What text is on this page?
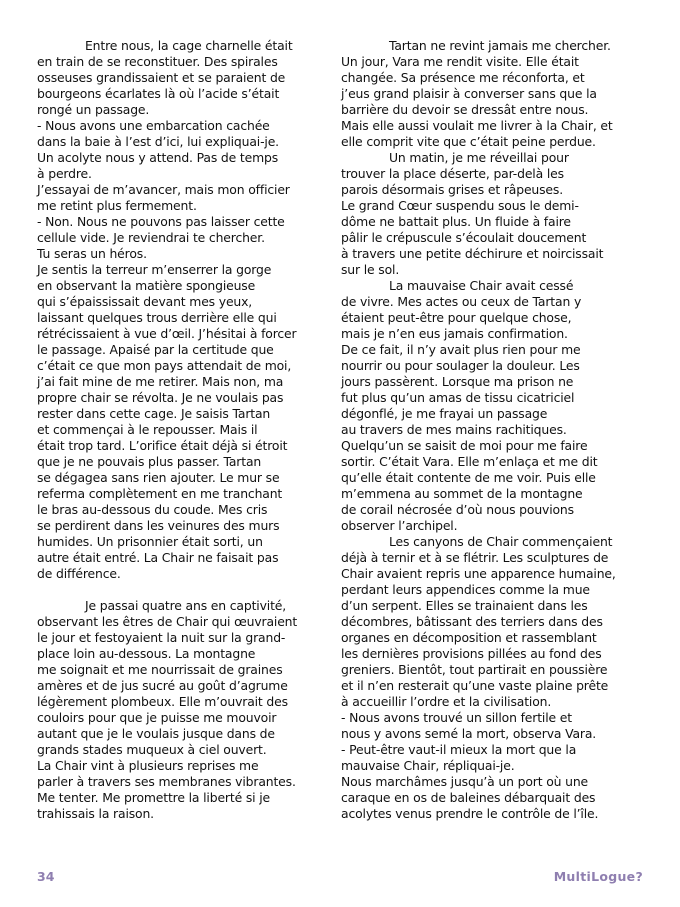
Entre nous, la cage charnelle était
en train de se reconstituer. Des spirales
osseuses grandissaient et se paraient de
bourgeons écarlates là où l’acide s’était
rongé un passage.
- Nous avons une embarcation cachée
dans la baie à l’est d’ici, lui expliquai-je.
Un acolyte nous y attend. Pas de temps
à perdre.
J’essayai de m’avancer, mais mon officier
me retint plus fermement.
- Non. Nous ne pouvons pas laisser cette
cellule vide. Je reviendrai te chercher.
Tu seras un héros.
Je sentis la terreur m’enserrer la gorge
en observant la matière spongieuse
qui s’épaississait devant mes yeux,
laissant quelques trous derrière elle qui
rétrécissaient à vue d’œil. J’hésitai à forcer
le passage. Apaisé par la certitude que
c’était ce que mon pays attendait de moi,
j’ai fait mine de me retirer. Mais non, ma
propre chair se révolta. Je ne voulais pas
rester dans cette cage. Je saisis Tartan
et commençai à le repousser. Mais il
était trop tard. L’orifice était déjà si étroit
que je ne pouvais plus passer. Tartan
se dégagea sans rien ajouter. Le mur se
referma complètement en me tranchant
le bras au-dessous du coude. Mes cris
se perdirent dans les veinures des murs
humides. Un prisonnier était sorti, un
autre était entré. La Chair ne faisait pas
de différence.
Je passai quatre ans en captivité,
observant les êtres de Chair qui œuvraient
le jour et festoyaient la nuit sur la grand-
place loin au-dessous. La montagne
me soignait et me nourrissait de graines
amères et de jus sucré au goût d’agrume
légèrement plombeux. Elle m’ouvrait des
couloirs pour que je puisse me mouvoir
autant que je le voulais jusque dans de
grands stades muqueux à ciel ouvert.
La Chair vint à plusieurs reprises me
parler à travers ses membranes vibrantes.
Me tenter. Me promettre la liberté si je
trahissais la raison.
Tartan ne revint jamais me chercher.
Un jour, Vara me rendit visite. Elle était
changée. Sa présence me réconforta, et
j’eus grand plaisir à converser sans que la
barrière du devoir se dressât entre nous.
Mais elle aussi voulait me livrer à la Chair, et
elle comprit vite que c’était peine perdue.
Un matin, je me réveillai pour
trouver la place déserte, par-delà les
parois désormais grises et râpeuses.
Le grand Cœur suspendu sous le demi-
dôme ne battait plus. Un fluide à faire
pâlir le crépuscule s’écoulait doucement
à travers une petite déchirure et noircissait
sur le sol.
La mauvaise Chair avait cessé
de vivre. Mes actes ou ceux de Tartan y
étaient peut-être pour quelque chose,
mais je n’en eus jamais confirmation.
De ce fait, il n’y avait plus rien pour me
nourrir ou pour soulager la douleur. Les
jours passèrent. Lorsque ma prison ne
fut plus qu’un amas de tissu cicatriciel
dégonflé, je me frayai un passage
au travers de mes mains rachitiques.
Quelqu’un se saisit de moi pour me faire
sortir. C’était Vara. Elle m’enlaça et me dit
qu’elle était contente de me voir. Puis elle
m’emmena au sommet de la montagne
de corail nécrosée d’où nous pouvions
observer l’archipel.
Les canyons de Chair commençaient
déjà à ternir et à se flétrir. Les sculptures de
Chair avaient repris une apparence humaine,
perdant leurs appendices comme la mue
d’un serpent. Elles se trainaient dans les
décombres, bâtissant des terriers dans des
organes en décomposition et rassemblant
les dernières provisions pillées au fond des
greniers. Bientôt, tout partirait en poussière
et il n’en resterait qu’une vaste plaine prête
à accueillir l’ordre et la civilisation.
- Nous avons trouvé un sillon fertile et
nous y avons semé la mort, observa Vara.
- Peut-être vaut-il mieux la mort que la
mauvaise Chair, répliquai-je.
Nous marchâmes jusqu’à un port où une
caraque en os de baleines débarquait des
acolytes venus prendre le contrôle de l’île.
34	MultiLogue?
